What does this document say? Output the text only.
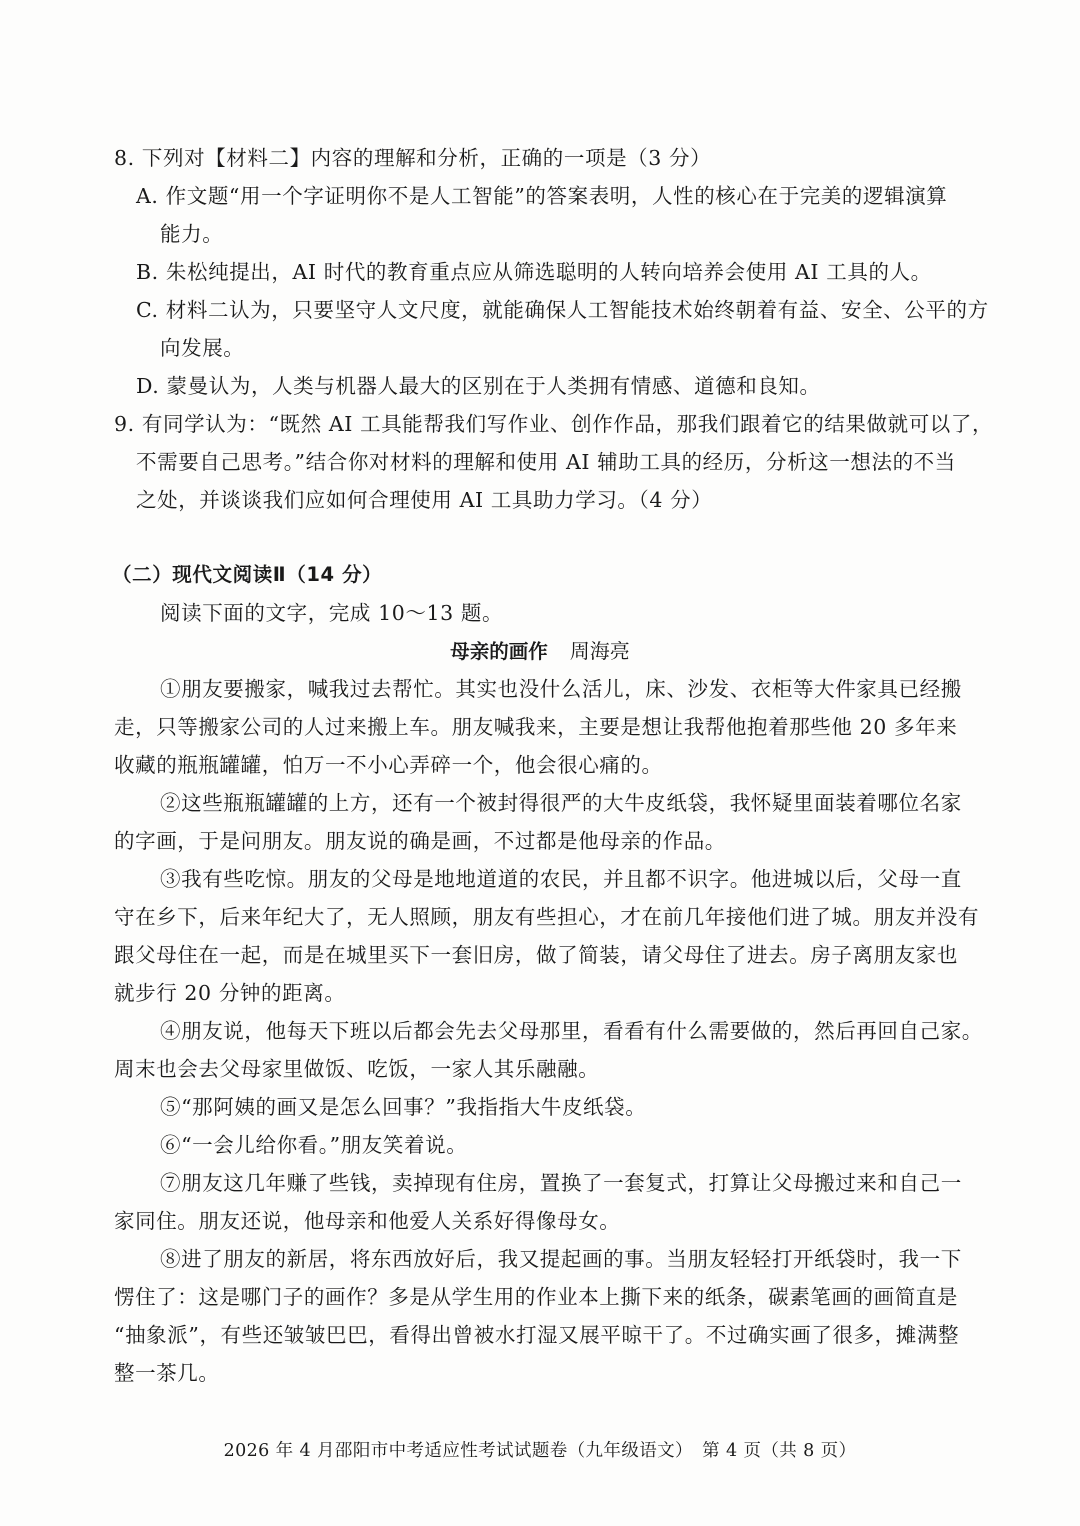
8. 下列对【材料二】内容的理解和分析，正确的一项是（3 分）
A. 作文题“用一个字证明你不是人工智能”的答案表明，人性的核心在于完美的逻辑演算
能力。
B. 朱松纯提出，AI 时代的教育重点应从筛选聪明的人转向培养会使用 AI 工具的人。
C. 材料二认为，只要坚守人文尺度，就能确保人工智能技术始终朝着有益、安全、公平的方
向发展。
D. 蒙曼认为，人类与机器人最大的区别在于人类拥有情感、道德和良知。
9. 有同学认为：“既然 AI 工具能帮我们写作业、创作作品，那我们跟着它的结果做就可以了，
不需要自己思考。”结合你对材料的理解和使用 AI 辅助工具的经历，分析这一想法的不当
之处，并谈谈我们应如何合理使用 AI 工具助力学习。（4 分）
（二）现代文阅读Ⅱ（14 分）
阅读下面的文字，完成 10～13 题。
母亲的画作 周海亮
①朋友要搬家，喊我过去帮忙。其实也没什么活儿，床、沙发、衣柜等大件家具已经搬
走，只等搬家公司的人过来搬上车。朋友喊我来，主要是想让我帮他抱着那些他 20 多年来
收藏的瓶瓶罐罐，怕万一不小心弄碎一个，他会很心痛的。
②这些瓶瓶罐罐的上方，还有一个被封得很严的大牛皮纸袋，我怀疑里面装着哪位名家
的字画，于是问朋友。朋友说的确是画，不过都是他母亲的作品。
③我有些吃惊。朋友的父母是地地道道的农民，并且都不识字。他进城以后，父母一直
守在乡下，后来年纪大了，无人照顾，朋友有些担心，才在前几年接他们进了城。朋友并没有
跟父母住在一起，而是在城里买下一套旧房，做了简装，请父母住了进去。房子离朋友家也
就步行 20 分钟的距离。
④朋友说，他每天下班以后都会先去父母那里，看看有什么需要做的，然后再回自己家。
周末也会去父母家里做饭、吃饭，一家人其乐融融。
⑤“那阿姨的画又是怎么回事？”我指指大牛皮纸袋。
⑥“一会儿给你看。”朋友笑着说。
⑦朋友这几年赚了些钱，卖掉现有住房，置换了一套复式，打算让父母搬过来和自己一
家同住。朋友还说，他母亲和他爱人关系好得像母女。
⑧进了朋友的新居，将东西放好后，我又提起画的事。当朋友轻轻打开纸袋时，我一下
愣住了：这是哪门子的画作？多是从学生用的作业本上撕下来的纸条，碳素笔画的画简直是
“抽象派”，有些还皱皱巴巴，看得出曾被水打湿又展平晾干了。不过确实画了很多，摊满整
整一茶几。
2026 年 4 月邵阳市中考适应性考试试题卷（九年级语文）　第 4 页（共 8 页）
